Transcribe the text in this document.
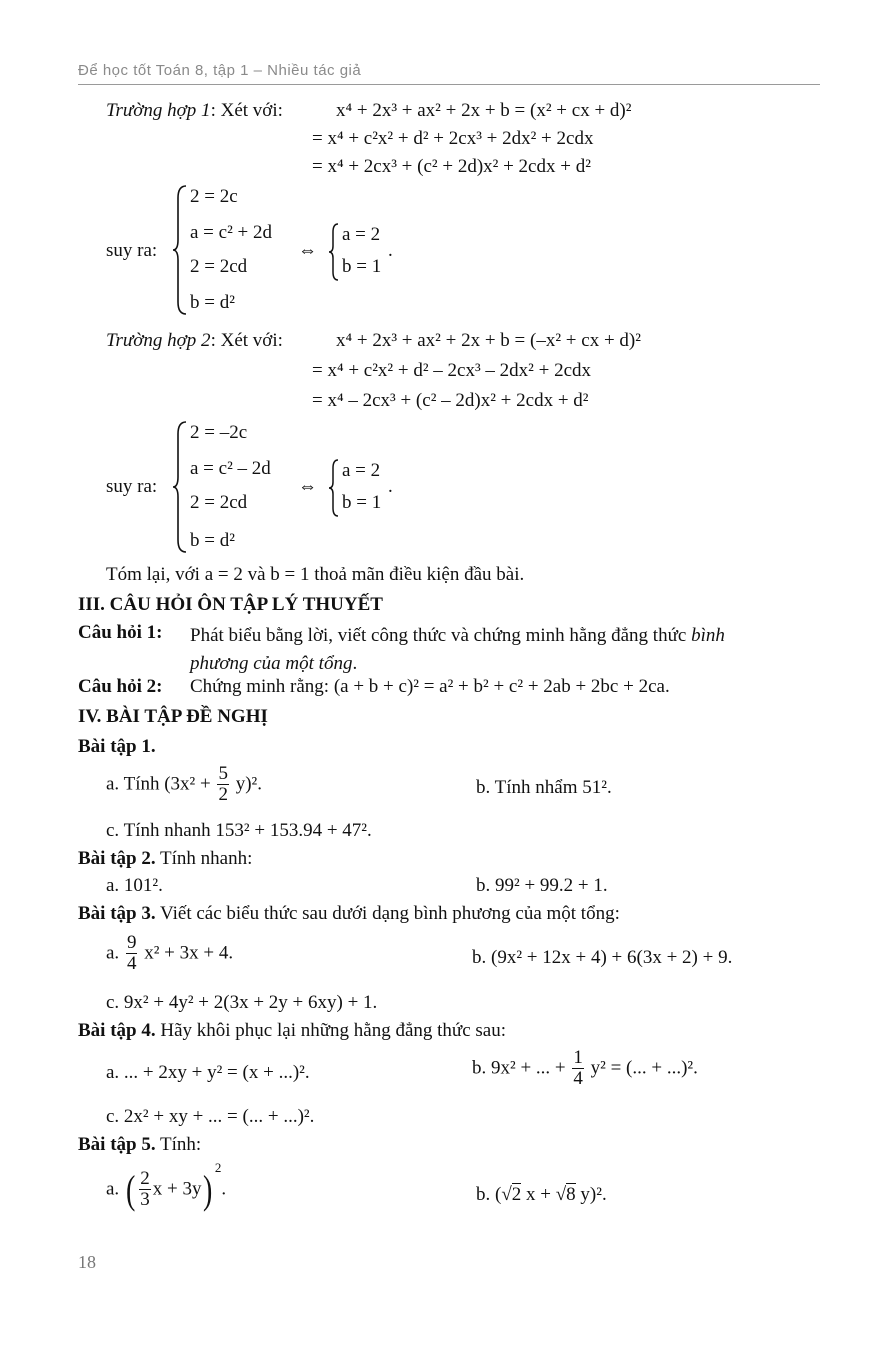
Để học tốt Toán 8, tập 1 – Nhiều tác giả
Trường hợp 1: Xét với:	x⁴ + 2x³ + ax² + 2x + b = (x² + cx + d)²
= x⁴ + c²x² + d² + 2cx³ + 2dx² + 2cdx
= x⁴ + 2cx³ + (c² + 2d)x² + 2cdx + d²
suy ra:
2 = 2c
a = c² + 2d
2 = 2cd
b = d²
⇔
a = 2
b = 1
.
Trường hợp 2: Xét với:	x⁴ + 2x³ + ax² + 2x + b = (–x² + cx + d)²
= x⁴ + c²x² + d² – 2cx³ – 2dx² + 2cdx
= x⁴ – 2cx³ + (c² – 2d)x² + 2cdx + d²
suy ra:
2 = –2c
a = c² – 2d
2 = 2cd
b = d²
⇔
a = 2
b = 1
.
Tóm lại, với a = 2 và b = 1 thoả mãn điều kiện đầu bài.
III. CÂU HỎI ÔN TẬP LÝ THUYẾT
Câu hỏi 1: Phát biểu bằng lời, viết công thức và chứng minh hằng đẳng thức bình
phương của một tổng.
Câu hỏi 2: Chứng minh rằng: (a + b + c)² = a² + b² + c² + 2ab + 2bc + 2ca.
IV. BÀI TẬP ĐỀ NGHỊ
Bài tập 1.
a. Tính $(3x^2 + \frac{5}{2} y)^2$.	b. Tính nhẩm 51².
c. Tính nhanh 153² + 153.94 + 47².
Bài tập 2. Tính nhanh:
a. 101².	b. 99² + 99.2 + 1.
Bài tập 3. Viết các biểu thức sau dưới dạng bình phương của một tổng:
a. $\frac{9}{4} x^2 + 3x + 4$.	b. (9x² + 12x + 4) + 6(3x + 2) + 9.
c. 9x² + 4y² + 2(3x + 2y + 6xy) + 1.
Bài tập 4. Hãy khôi phục lại những hằng đẳng thức sau:
a. ... + 2xy + y² = (x + ...)².	b. 9x² + ... + $\frac{1}{4} y^2$ = (... + ...)².
c. 2x² + xy + ... = (... + ...)².
Bài tập 5. Tính:
a. ( $\frac{2}{3}$ x + 3y) $^2$.	b. (√2 x + √8 y)².
18
